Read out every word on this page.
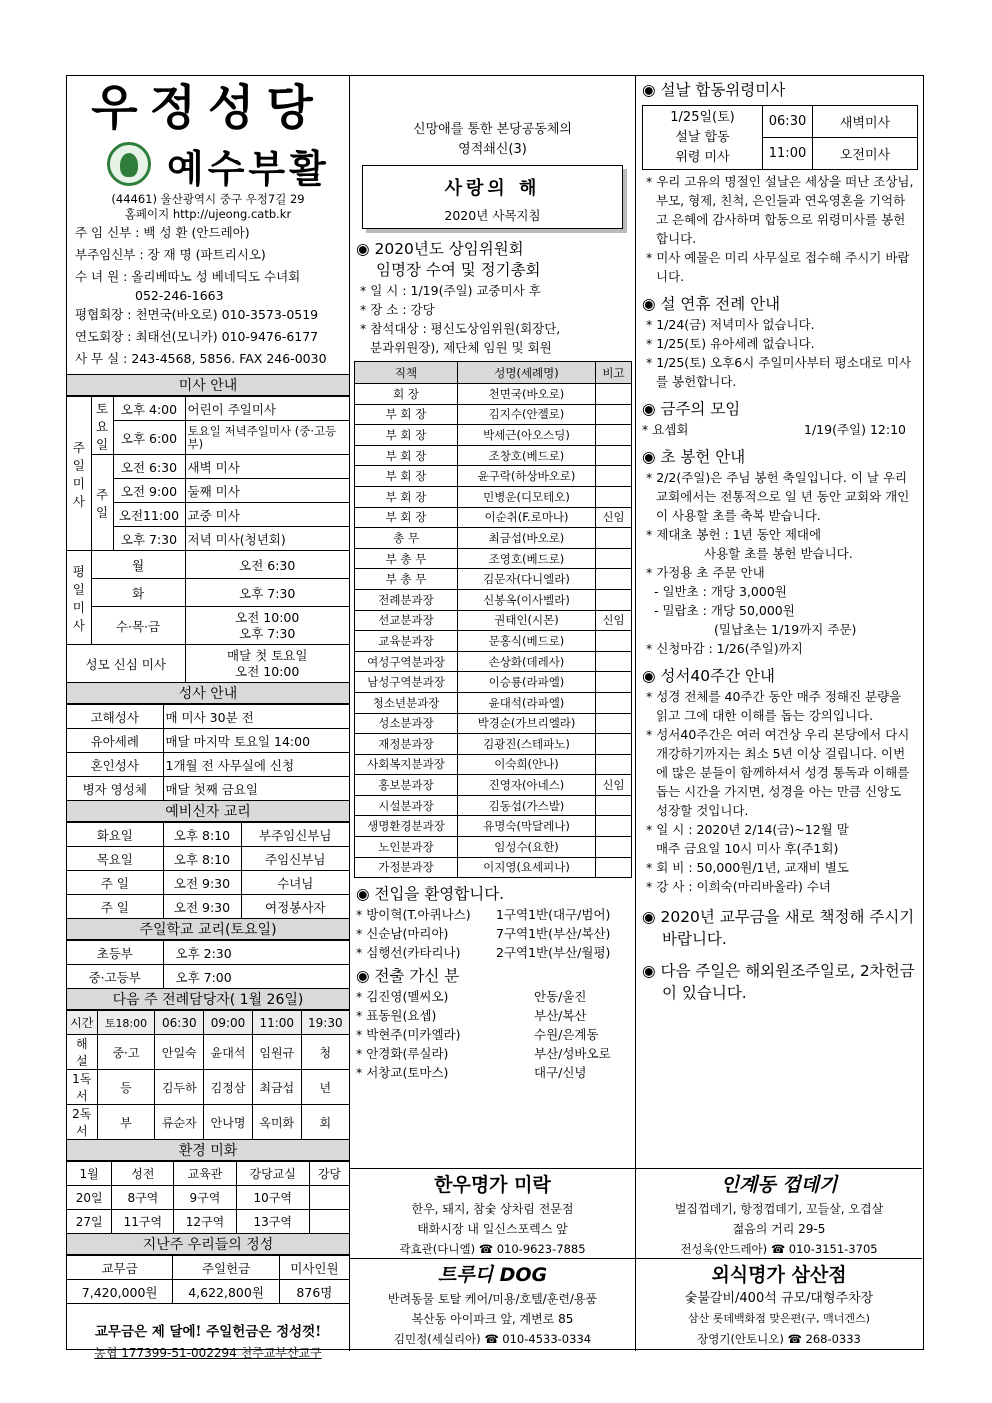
우정성당
예수부활
(44461) 울산광역시 중구 우정7길 29
홈페이지 http://ujeong.catb.kr
주 임 신부 : 백 성 환 (안드레아)
부주임신부 : 장 재 명 (파트리시오)
수 녀 원 : 올리베따노 성 베네딕도 수녀회
052-246-1663
평협회장 : 천면국(바오로) 010-3573-0519
연도회장 : 최태선(모니카) 010-9476-6177
사 무 실 : 243-4568, 5856. FAX 246-0030
미사 안내
주일미사	토요일	오후 4:00	어린이 주일미사
		오후 6:00	토요일 저녁주일미사 (중·고등부)
	주일	오전 6:30	새벽 미사
		오전 9:00	둘째 미사
		오전11:00	교중 미사
		오후 7:30	저녁 미사(청년회)
평일미사	월		오전 6:30
	화		오후 7:30
	수·목·금		오전 10:00
오후 7:30

성모 신심 미사			매달 첫 토요일
오전 10:00
성사 안내
고해성사	매 미사 30분 전
유아세례	매달 마지막 토요일 14:00
혼인성사	1개월 전 사무실에 신청
병자 영성체	매달 첫째 금요일
예비신자 교리
화요일	오후 8:10	부주임신부님
목요일	오후 8:10	주임신부님
주 일	오전 9:30	수녀님
주 일	오전 9:30	여정봉사자
주일학교 교리(토요일)
초등부	오후 2:30
중·고등부	오후 7:00
다음 주 전례담당자( 1월 26일)
시간	토18:00	06:30	09:00	11:00	19:30
해 설	중·고	안일숙	윤대석	임원규	청
1독서	등	김두하	김정삼	최금섭	년
2독서	부	류순자	안나명	옥미화	회
환경 미화
1월	성전	교육관	강당교실	강당
20일	8구역	9구역	10구역	
27일	11구역	12구역	13구역	
지난주 우리들의 정성
교무금	주일헌금	미사인원
7,420,000원	4,622,800원	876명
교무금은 제 달에! 주일헌금은 정성껏!
농협 177399-51-002294 천주교부산교구
신망애를 통한 본당공동체의
영적쇄신(3)
사랑의 해
2020년 사목지침
◉ 2020년도 상임위원회
임명장 수여 및 정기총회
* 일 시 : 1/19(주일) 교중미사 후
* 장 소 : 강당
* 참석대상 : 평신도상임위원(회장단,
분과위원장), 제단체 임원 및 회원
직책	성명(세례명)	비고
회 장	천면국(바오로)	
부 회 장	김지수(안젤로)	
부 회 장	박세근(아오스딩)	
부 회 장	조창호(베드로)	
부 회 장	윤구락(하상바오로)	
부 회 장	민병운(디모테오)	
부 회 장	이순취(F.로마나)	신임
총 무	최금섭(바오로)	
부 총 무	조영호(베드로)	
부 총 무	김문자(다니엘라)	
전례분과장	신봉옥(이사벨라)	
선교분과장	권태인(시몬)	신임
교육분과장	문홍식(베드로)	
여성구역분과장	손상화(데레사)	
남성구역분과장	이승룡(라파엘)	
청소년분과장	윤대석(라파엘)	
성소분과장	박경순(가브리엘라)	
재정분과장	김광진(스테파노)	
사회복지분과장	이숙희(안나)	
홍보분과장	진영자(아네스)	신임
시설분과장	김동섭(가스발)	
생명환경분과장	유명숙(막달레나)	
노인분과장	임성수(요한)	
가정분과장	이지영(요세피나)	
◉ 전입을 환영합니다.
* 방이혁(T.아퀴나스)	1구역1반(대구/범어)
* 신순남(마리아)	7구역1반(부산/복산)
* 심행선(카타리나)	2구역1반(부산/월평)
◉ 전출 가신 분
* 김진영(멜씨오)	안동/울진
* 표동원(요셉)	부산/복산
* 박현주(미카엘라)	수원/은계동
* 안경화(루실라)	부산/성바오로
* 서창교(토마스)	대구/신녕
◉ 설날 합동위령미사
1/25일(토)
설날 합동
위령 미사	06:30	새벽미사
	11:00	오전미사
* 우리 고유의 명절인 설날은 세상을 떠난 조상님, 부모, 형제, 친척, 은인들과 연옥영혼을 기억하고 은혜에 감사하며 합동으로 위령미사를 봉헌합니다.
* 미사 예물은 미리 사무실로 접수해 주시기 바랍니다.
◉ 설 연휴 전례 안내
* 1/24(금) 저녁미사 없습니다.
* 1/25(토) 유아세례 없습니다.
* 1/25(토) 오후6시 주일미사부터 평소대로 미사를 봉헌합니다.
◉ 금주의 모임
* 요셉회	1/19(주일) 12:10
◉ 초 봉헌 안내
* 2/2(주일)은 주님 봉헌 축일입니다. 이 날 우리 교회에서는 전통적으로 일 년 동안 교회와 개인이 사용할 초를 축복 받습니다.
* 제대초 봉헌 : 1년 동안 제대에
사용할 초를 봉헌 받습니다.
* 가정용 초 주문 안내
- 일반초 : 개당 3,000원
- 밀랍초 : 개당 50,000원
(밀납초는 1/19까지 주문)
* 신청마감 : 1/26(주일)까지
◉ 성서40주간 안내
* 성경 전체를 40주간 동안 매주 정해진 분량을 읽고 그에 대한 이해를 돕는 강의입니다.
* 성서40주간은 여러 여건상 우리 본당에서 다시 개강하기까지는 최소 5년 이상 걸립니다. 이번에 많은 분들이 함께하셔서 성경 통독과 이해를 돕는 시간을 가지면, 성경을 아는 만큼 신앙도 성장할 것입니다.
* 일 시 : 2020년 2/14(금)~12월 말
매주 금요일 10시 미사 후(주1회)
* 회 비 : 50,000원/1년, 교재비 별도
* 강 사 : 이희숙(마리바올라) 수녀
◉ 2020년 교무금을 새로 책정해 주시기 바랍니다.
◉ 다음 주일은 해외원조주일로, 2차헌금이 있습니다.
한우명가 미락
한우, 돼지, 참숯 상차림 전문점
태화시장 내 일신스포렉스 앞
곽효관(다니엘) ☎ 010-9623-7885
인계동 껍데기
벌집껍데기, 항정껍데기, 꼬들살, 오겹살
젊음의 거리 29-5
전성욱(안드레아) ☎ 010-3151-3705
트루디 DOG
반려동물 토탈 케어/미용/호텔/훈련/용품
복산동 아이파크 앞, 계변로 85
김민정(세실리아) ☎ 010-4533-0334
외식명가 삼산점
숯불갈비/400석 규모/대형주차장
삼산 롯데백화점 맞은편(구, 맥너겐스)
장영기(안토니오) ☎ 268-0333
